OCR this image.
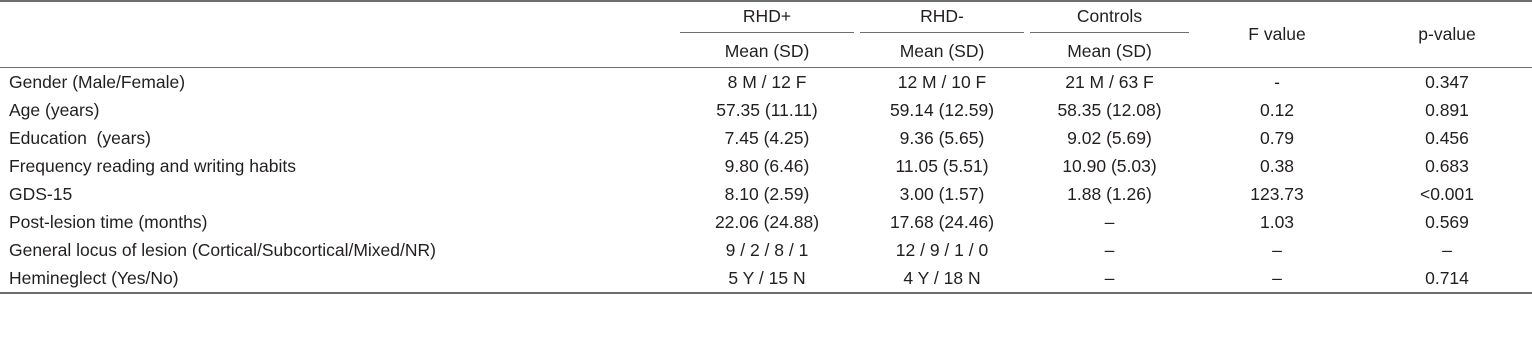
	RHD+	RHD-	Controls	F value	p-value
	Mean (SD)	Mean (SD)	Mean (SD)		
Gender (Male/Female)	8 M / 12 F	12 M / 10 F	21 M / 63 F	-	0.347
Age (years)	57.35 (11.11)	59.14 (12.59)	58.35 (12.08)	0.12	0.891
Education  (years)	7.45 (4.25)	9.36 (5.65)	9.02 (5.69)	0.79	0.456
Frequency reading and writing habits	9.80 (6.46)	11.05 (5.51)	10.90 (5.03)	0.38	0.683
GDS-15	8.10 (2.59)	3.00 (1.57)	1.88 (1.26)	123.73	<0.001
Post-lesion time (months)	22.06 (24.88)	17.68 (24.46)	–	1.03	0.569
General locus of lesion (Cortical/Subcortical/Mixed/NR)	9 / 2 / 8 / 1	12 / 9 / 1 / 0	–	–	–
Hemineglect (Yes/No)	5 Y / 15 N	4 Y / 18 N	–	–	0.714
